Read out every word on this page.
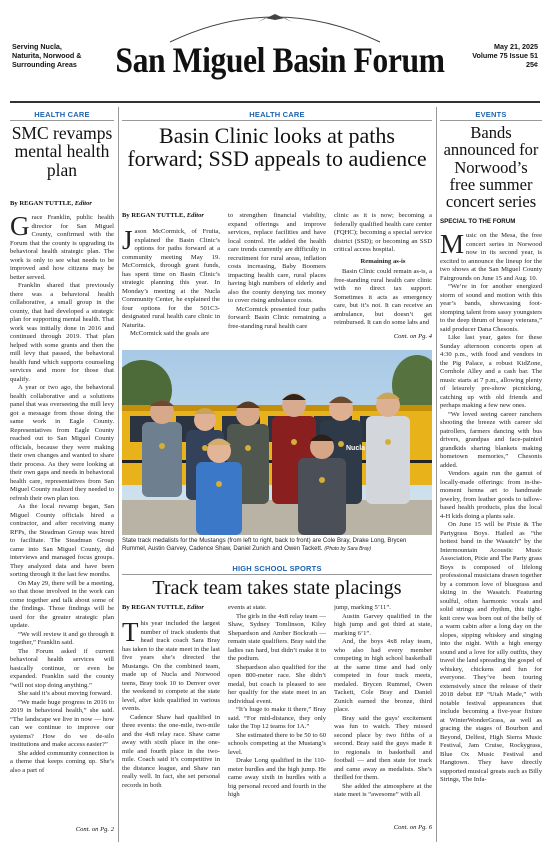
Serving Nucla,
Naturita, Norwood &
Surrounding Areas	San Miguel Basin Forum	May 21, 2025
Volume 75 Issue 51
25¢
HEALTH CARE
SMC revamps mental health plan
By REGAN TUTTLE, Editor
Grace Franklin, public health director for San Miguel County, confirmed with the Forum that the county is upgrading its behavioral health strategic plan. The work is only to see what needs to be improved and how citizens may be better served.

Franklin shared that previously there was a behavioral health collaborative, a small group in the county, that had developed a strategic plan for supporting mental health. That work was initially done in 2016 and continued through 2019. That plan helped with some grants and then the mill levy that passed, the behavioral health fund which supports counseling services and more for those that qualify.

A year or two ago, the behavioral health collaborative and a solutions panel that was overseeing the mill levy got a message from those doing the same work in Eagle County. Representatives from Eagle County reached out to San Miguel County officials, because they were making their own changes and wanted to share their process. As they were looking at their own gaps and needs in behavioral health care, representatives from San Miguel County realized they needed to refresh their own plan too.

As the local revamp began, San Miguel County officials hired a contractor, and after receiving many RFPs, the Steadman Group was hired to facilitate. The Steadman Group came into San Miguel County, did interviews and managed focus groups. They analyzed data and have been sorting through it the last few months.

On May 29, there will be a meeting, so that those involved in the work can come together and talk about some of the findings. Those findings will be used for the greater strategic plan update.

“We will review it and go through it together,” Franklin said.

The Forum asked if current behavioral health services will basically continue, or even be expanded. Franklin said the county “will not stop doing anything.”

She said it’s about moving forward.

“We made huge progress in 2016 to 2019 in behavioral health,” she said. “The landscape we live in now — how can we continue to improve our systems? How do we de-silo institutions and make access easier?”

She added community connection is a theme that keeps coming up. She’s also a part of

Cont. on Pg. 2
HEALTH CARE
Basin Clinic looks at paths forward; SSD appeals to audience
By REGAN TUTTLE, Editor
Jason McCormick, of Fruita, explained the Basin Clinic’s options for paths forward at a community meeting May 19. McCormick, through grant funds, has spent time on Basin Clinic’s strategic planning this year. In Monday’s meeting at the Nucla Community Center, he explained the four options for the 501C3-designated rural health care clinic in Naturita.

McCormick said the goals are

to strengthen financial viability, expand offerings and improve services, replace facilities and have local control. He added the health care trends currently are difficulty in recruitment for rural areas, inflation costs increasing, Baby Boomers impacting health care, rural places having high numbers of elderly and also the county denying tax money to cover rising ambulance costs.

McCormick presented four paths forward: Basin Clinic remaining a free-standing rural health care

clinic as it is now; becoming a federally qualified health care center (FQHC); becoming a special service district (SSD); or becoming an SSD critical access hospital.

Remaining as-is

Basin Clinic could remain as-is, a free-standing rural health care clinic with no direct tax support. Sometimes it acts as emergency care, but it’s not. It can receive an ambulance, but doesn’t get reimbursed. It can do some labs and

Cont. on Pg. 4
Nucla
State track medalists for the Mustangs (from left to right, back to front) are Cole Bray, Drake Long, Brycen Rummel, Austin Garvey, Cadence Shaw, Daniel Zunich and Owen Tackett. (Photo by Sara Bray)
HIGH SCHOOL SPORTS
Track team takes state placings
By REGAN TUTTLE, Editor
This year included the largest number of track students that head track coach Sara Bray has taken to the state meet in the last five years she’s directed the Mustangs. On the combined team, made up of Nucla and Norwood teens, Bray took 10 to Denver over the weekend to compete at the state level, after kids qualified in various events.

Cadence Shaw had qualified in three events: the one-mile, two-mile and the 4x8 relay race. Shaw came away with sixth place in the one-mile and fourth place in the two-mile. Coach said it’s competitive in the distance league, and Shaw ran really well. In fact, she set personal records in both

events at state.

The girls in the 4x8 relay team — Shaw, Sydney Tomlinson, Kiley Shepardson and Amber Bockrath — remain state qualifiers. Bray said the ladies ran hard, but didn’t make it to the podium.

Shepardson also qualified for the open 800-meter race. She didn’t medal, but coach is pleased to see her qualify for the state meet in an individual event.

“It’s huge to make it there,” Bray said. “For mid-distance, they only take the Top 12 teams for 1A.”

She estimated there to be 50 to 60 schools competing at the Mustang’s level.

Drake Long qualified in the 110-meter hurdles and the high jump. He came away sixth in hurdles with a big personal record and fourth in the high

jump, marking 5’11”.

Austin Garvey qualified in the high jump and got third at state, marking 6’1”.

And, the boys 4x8 relay team, who also had every member competing in high school basketball at the same time and had only competed in four track meets, medaled. Brycen Rummel, Owen Tackett, Cole Bray and Daniel Zunich earned the bronze, third place.

Bray said the guys’ excitement was fun to watch. They missed second place by two fifths of a second. Bray said the guys made it to regionals in basketball and football — and then state for track and came away as medalists. She’s thrilled for them.

She added the atmosphere at the state meet is “awesome” with all

Cont. on Pg. 6
EVENTS
Bands announced for Norwood’s free summer concert series
SPECIAL TO THE FORUM
Music on the Mesa, the free concert series in Norwood now in its second year, is excited to announce the lineup for the two shows at the San Miguel County Fairgrounds on June 15 and Aug. 10.

“We’re in for another energized storm of sound and motion with this year’s bands, showcasing foot-stomping talent from sassy youngsters to the deep thrum of brassy veterans,” said producer Dana Chesonis.

Like last year, gates for these Sunday afternoon concerts open at 4:30 p.m., with food and vendors in the Pig Palace, a robust KidZone, Cornhole Alley and a cash bar. The music starts at 7 p.m., allowing plenty of leisurely pre-show picnicking, catching up with old friends and perhaps making a few new ones.

“We loved seeing career ranchers shooting the breeze with career ski patrollers, farmers dancing with bus drivers, grandpas and face-painted grandkids sharing blankets making hometown memories,” Chesonis added.

Vendors again run the gamut of locally-made offerings: from in-the-moment henna art to handmade jewelry, from leather goods to tallow-based health products, plus the local 4-H kids doing a plants sale.

On June 15 will be Pixie & The Partygrass Boys. Hailed as “the hottest band in the Wasatch” by the Intermountain Acoustic Music Association, Pixie and The Party grass Boys is composed of lifelong professional musicians drawn together by a common love of bluegrass and skiing in the Wasatch. Featuring soulful, often harmonic vocals and solid strings and rhythm, this tight-knit crew was born out of the belly of a warm cabin after a long day on the slopes, sipping whiskey and singing into the night. With a high energy sound and a love for silly outfits, they travel the land spreading the gospel of whiskey, chickens and fun for everyone. They’ve been touring extensively since the release of their 2018 debut EP “Utah Made,” with notable festival appearances that include becoming a five-year fixture at WinterWonderGrass, as well as gracing the stages of Bourbon and Beyond, Delfest, High Sierra Music Festival, Jam Cruise, Rockygrass, Blue Ox Music Festival and Hangtown. They have directly supported musical greats such as Billy Strings, The Infa-
